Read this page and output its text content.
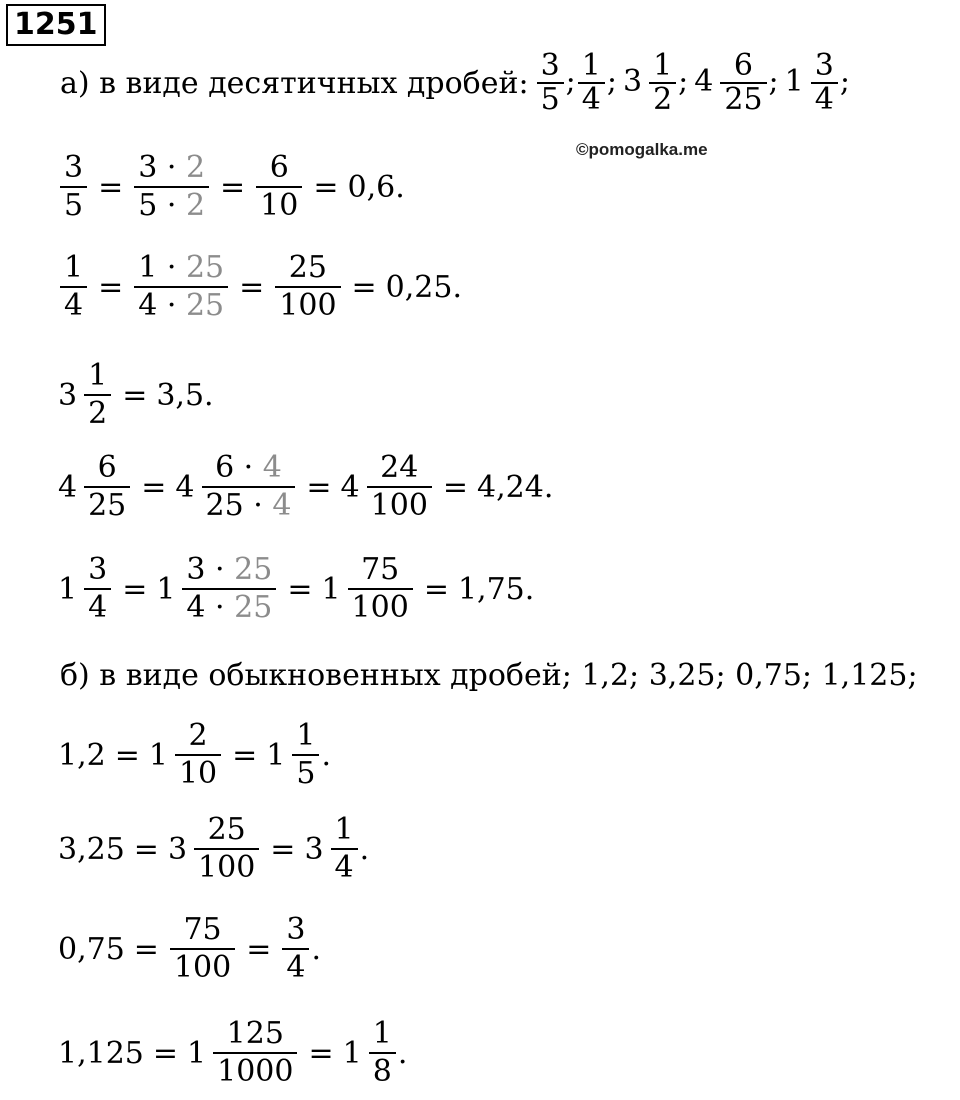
1251
©pomogalka.me
а) в виде десятичных дробей: $\frac{3}{5}$ ; $\frac{1}{4}$ ; $3 \frac{1}{2}$ ; $4 \frac{6}{25}$ ; $1 \frac{3}{4}$ ;
$\frac{3}{5} = \frac{3 \cdot 2}{5 \cdot 2} = \frac{6}{10} = 0,6$.
$\frac{1}{4} = \frac{1 \cdot 25}{4 \cdot 25} = \frac{25}{100} = 0,25$.
$3 \frac{1}{2} = 3,5$.
$4 \frac{6}{25} = 4 \frac{6 \cdot 4}{25 \cdot 4} = 4 \frac{24}{100} = 4,24$.
$1 \frac{3}{4} = 1 \frac{3 \cdot 25}{4 \cdot 25} = 1 \frac{75}{100} = 1,75$.
б) в виде обыкновенных дробей; 1,2; 3,25; 0,75; 1,125;
$1,2 = 1 \frac{2}{10} = 1 \frac{1}{5}$ .
$3,25 = 3 \frac{25}{100} = 3 \frac{1}{4}$ .
$0,75 = \frac{75}{100} = \frac{3}{4}$ .
$1,125 = 1 \frac{125}{1000} = 1 \frac{1}{8}$ .
